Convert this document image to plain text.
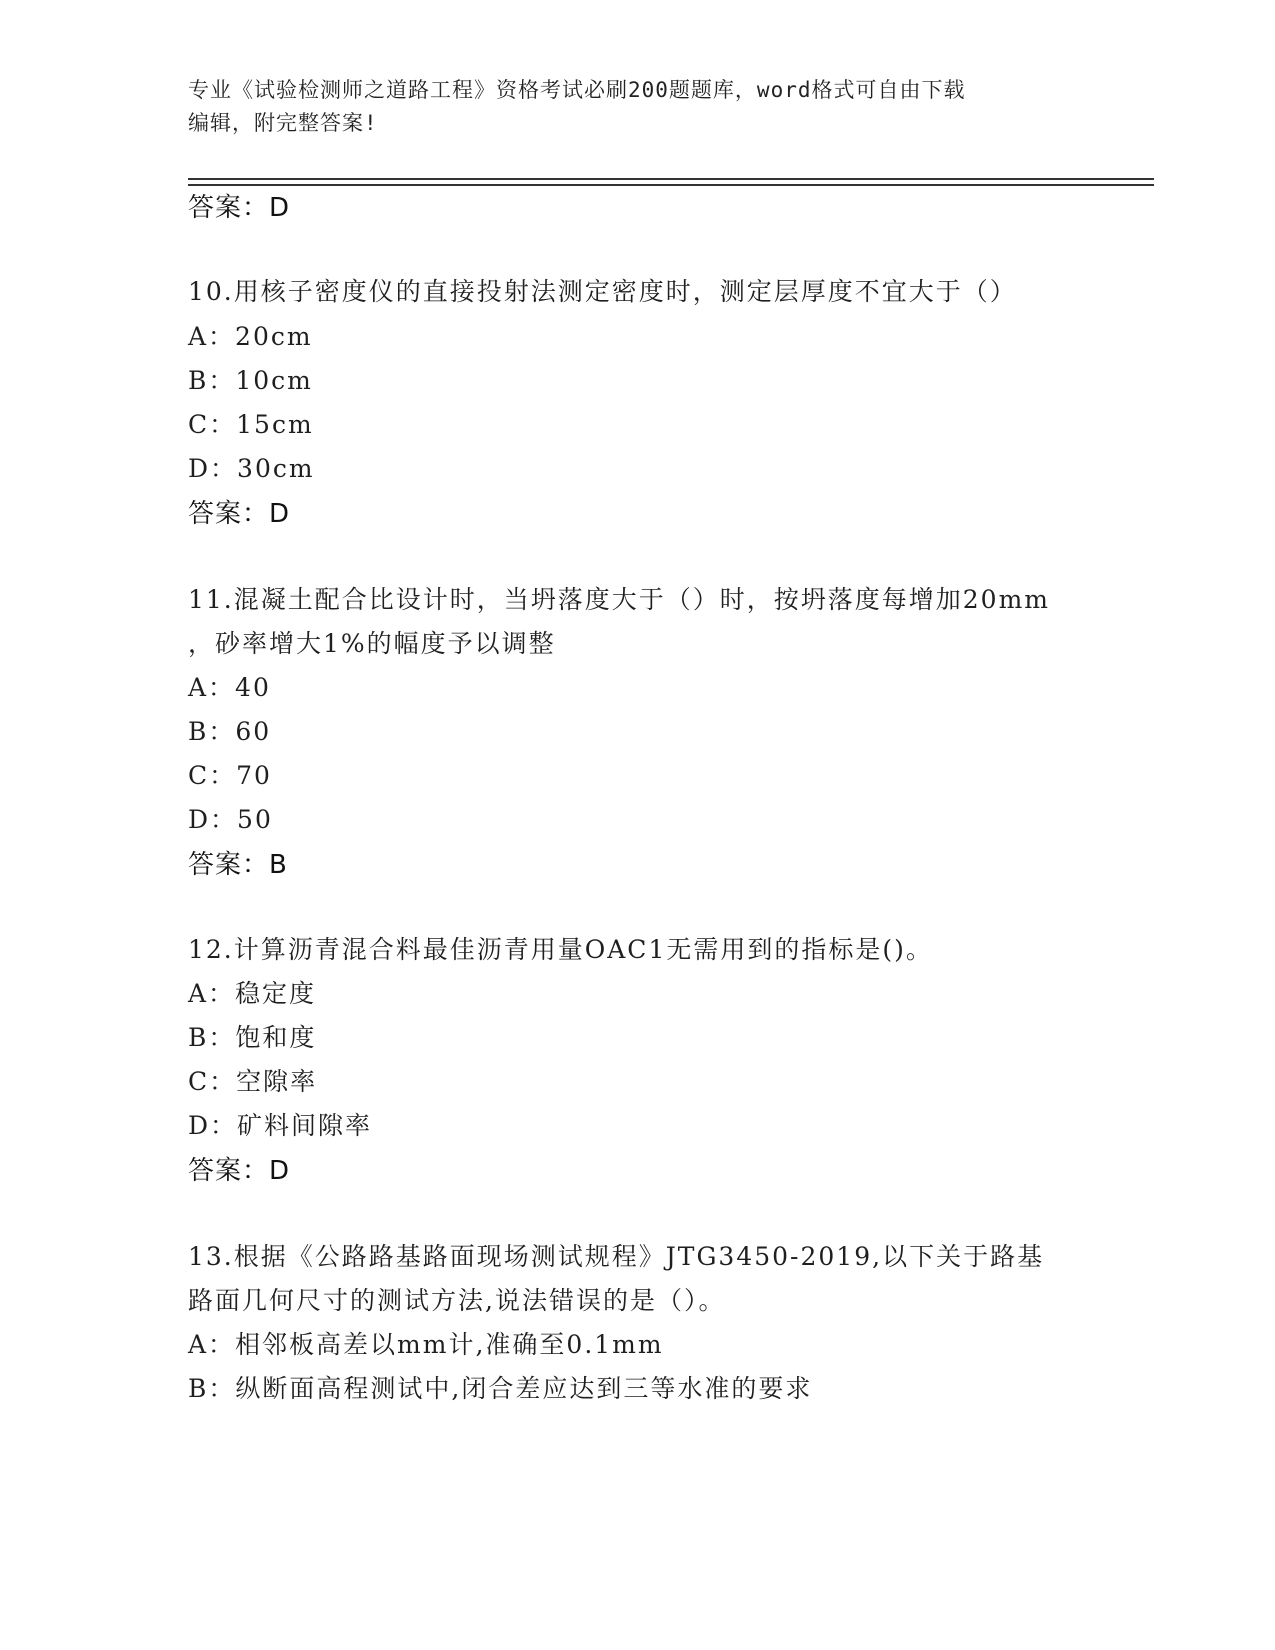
专业《试验检测师之道路工程》资格考试必刷200题题库，word格式可自由下载
编辑，附完整答案!
答案：D
10.用核子密度仪的直接投射法测定密度时，测定层厚度不宜大于（）
A：20cm
B：10cm
C：15cm
D：30cm
答案：D
11.混凝土配合比设计时，当坍落度大于（）时，按坍落度每增加20mm
，砂率增大1%的幅度予以调整
A：40
B：60
C：70
D：50
答案：B
12.计算沥青混合料最佳沥青用量OAC1无需用到的指标是()。
A：稳定度
B：饱和度
C：空隙率
D：矿料间隙率
答案：D
13.根据《公路路基路面现场测试规程》JTG3450-2019,以下关于路基
路面几何尺寸的测试方法,说法错误的是（）。
A：相邻板高差以mm计,准确至0.1mm
B：纵断面高程测试中,闭合差应达到三等水准的要求
